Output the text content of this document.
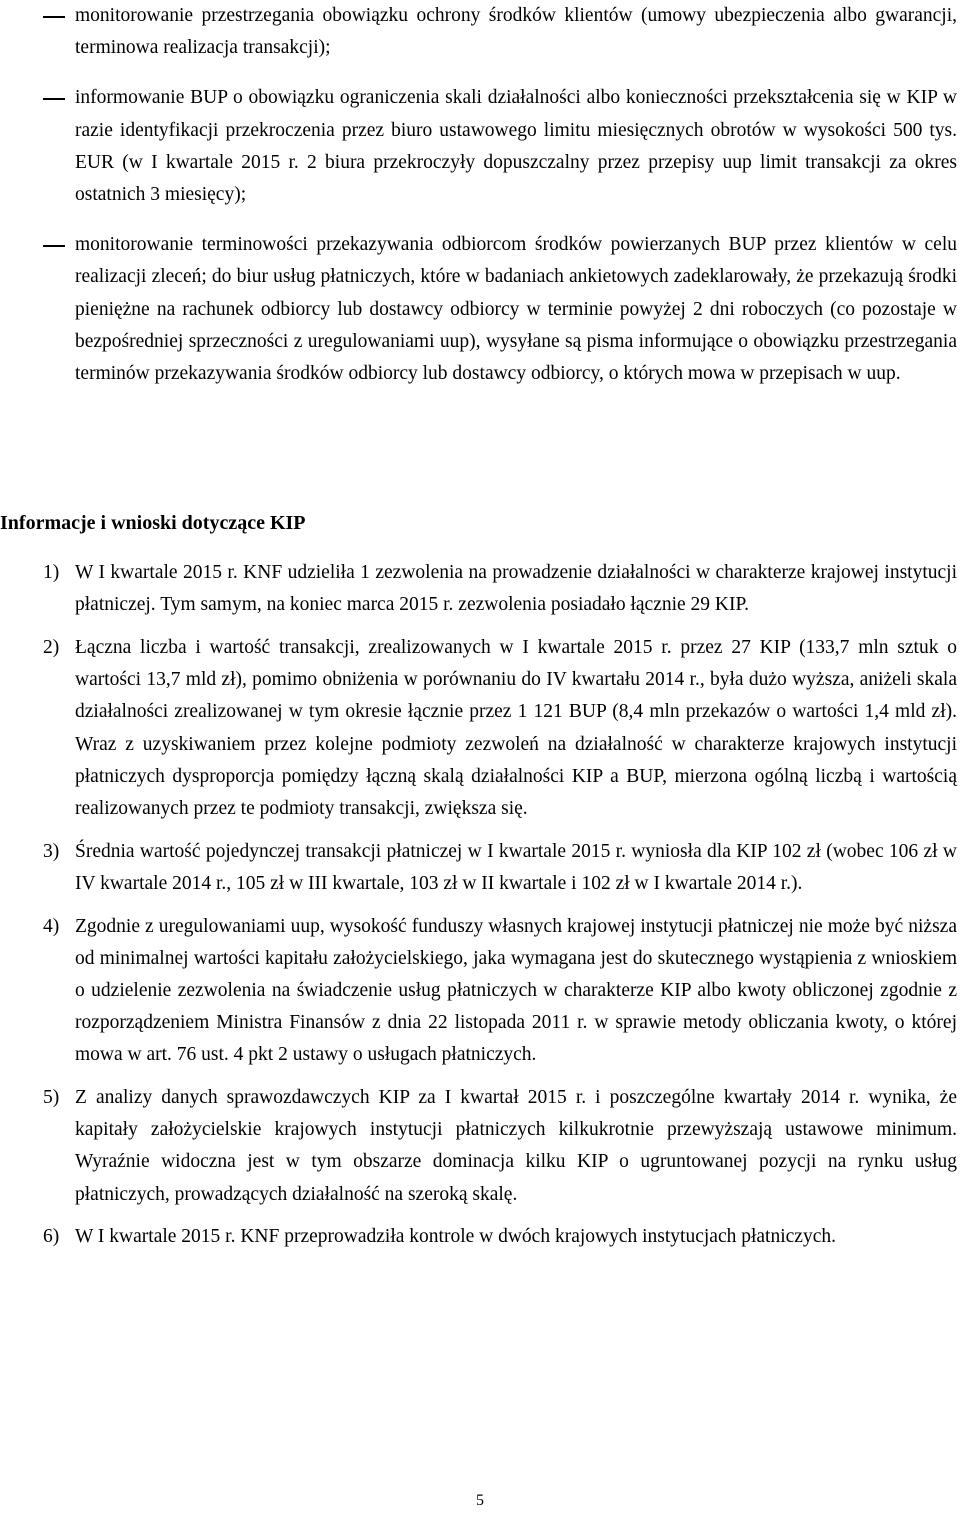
monitorowanie przestrzegania obowiązku ochrony środków klientów (umowy ubezpieczenia albo gwarancji, terminowa realizacja transakcji);
informowanie BUP o obowiązku ograniczenia skali działalności albo konieczności przekształcenia się w KIP w razie identyfikacji przekroczenia przez biuro ustawowego limitu miesięcznych obrotów w wysokości 500 tys. EUR (w I kwartale 2015 r. 2 biura przekroczyły dopuszczalny przez przepisy uup limit transakcji za okres ostatnich 3 miesięcy);
monitorowanie terminowości przekazywania odbiorcom środków powierzanych BUP przez klientów w celu realizacji zleceń; do biur usług płatniczych, które w badaniach ankietowych zadeklarowały, że przekazują środki pieniężne na rachunek odbiorcy lub dostawcy odbiorcy w terminie powyżej 2 dni roboczych (co pozostaje w bezpośredniej sprzeczności z uregulowaniami uup), wysyłane są pisma informujące o obowiązku przestrzegania terminów przekazywania środków odbiorcy lub dostawcy odbiorcy, o których mowa w przepisach w uup.
Informacje i wnioski dotyczące KIP
1) W I kwartale 2015 r. KNF udzieliła 1 zezwolenia na prowadzenie działalności w charakterze krajowej instytucji płatniczej. Tym samym, na koniec marca 2015 r. zezwolenia posiadało łącznie 29 KIP.
2) Łączna liczba i wartość transakcji, zrealizowanych w I kwartale 2015 r. przez 27 KIP (133,7 mln sztuk o wartości 13,7 mld zł), pomimo obniżenia w porównaniu do IV kwartału 2014 r., była dużo wyższa, aniżeli skala działalności zrealizowanej w tym okresie łącznie przez 1 121 BUP (8,4 mln przekazów o wartości 1,4 mld zł). Wraz z uzyskiwaniem przez kolejne podmioty zezwoleń na działalność w charakterze krajowych instytucji płatniczych dysproporcja pomiędzy łączną skalą działalności KIP a BUP, mierzona ogólną liczbą i wartością realizowanych przez te podmioty transakcji, zwiększa się.
3) Średnia wartość pojedynczej transakcji płatniczej w I kwartale 2015 r. wyniosła dla KIP 102 zł (wobec 106 zł w IV kwartale 2014 r., 105 zł w III kwartale, 103 zł w II kwartale i 102 zł w I kwartale 2014 r.).
4) Zgodnie z uregulowaniami uup, wysokość funduszy własnych krajowej instytucji płatniczej nie może być niższa od minimalnej wartości kapitału założycielskiego, jaka wymagana jest do skutecznego wystąpienia z wnioskiem o udzielenie zezwolenia na świadczenie usług płatniczych w charakterze KIP albo kwoty obliczonej zgodnie z rozporządzeniem Ministra Finansów z dnia 22 listopada 2011 r. w sprawie metody obliczania kwoty, o której mowa w art. 76 ust. 4 pkt 2 ustawy o usługach płatniczych.
5) Z analizy danych sprawozdawczych KIP za I kwartał 2015 r. i poszczególne kwartały 2014 r. wynika, że kapitały założycielskie krajowych instytucji płatniczych kilkukrotnie przewyższają ustawowe minimum. Wyraźnie widoczna jest w tym obszarze dominacja kilku KIP o ugruntowanej pozycji na rynku usług płatniczych, prowadzących działalność na szeroką skalę.
6) W I kwartale 2015 r. KNF przeprowadziła kontrole w dwóch krajowych instytucjach płatniczych.
5
